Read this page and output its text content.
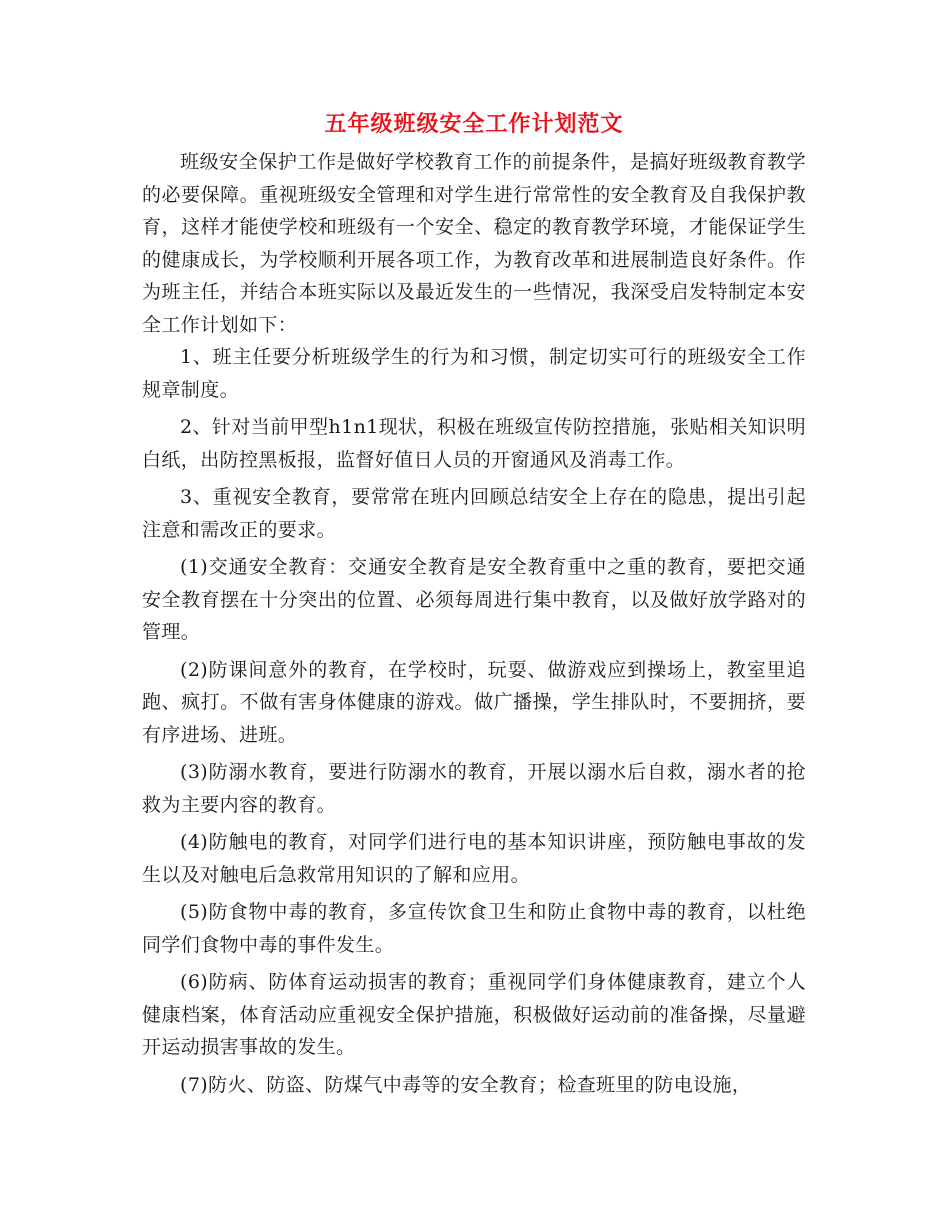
五年级班级安全工作计划范文

班级安全保护工作是做好学校教育工作的前提条件，是搞好班级教育教学的必要保障。重视班级安全管理和对学生进行常常性的安全教育及自我保护教育，这样才能使学校和班级有一个安全、稳定的教育教学环境，才能保证学生的健康成长，为学校顺利开展各项工作，为教育改革和进展制造良好条件。作为班主任，并结合本班实际以及最近发生的一些情况，我深受启发特制定本安全工作计划如下：

1、班主任要分析班级学生的行为和习惯，制定切实可行的班级安全工作规章制度。

2、针对当前甲型h1n1现状，积极在班级宣传防控措施，张贴相关知识明白纸，出防控黑板报，监督好值日人员的开窗通风及消毒工作。

3、重视安全教育，要常常在班内回顾总结安全上存在的隐患，提出引起注意和需改正的要求。

(1)交通安全教育：交通安全教育是安全教育重中之重的教育，要把交通安全教育摆在十分突出的位置、必须每周进行集中教育，以及做好放学路对的管理。

(2)防课间意外的教育，在学校时，玩耍、做游戏应到操场上，教室里追跑、疯打。不做有害身体健康的游戏。做广播操，学生排队时，不要拥挤，要有序进场、进班。

(3)防溺水教育，要进行防溺水的教育，开展以溺水后自救，溺水者的抢救为主要内容的教育。

(4)防触电的教育，对同学们进行电的基本知识讲座，预防触电事故的发生以及对触电后急救常用知识的了解和应用。

(5)防食物中毒的教育，多宣传饮食卫生和防止食物中毒的教育，以杜绝同学们食物中毒的事件发生。

(6)防病、防体育运动损害的教育；重视同学们身体健康教育，建立个人健康档案，体育活动应重视安全保护措施，积极做好运动前的准备操，尽量避开运动损害事故的发生。

(7)防火、防盗、防煤气中毒等的安全教育；检查班里的防电设施，
